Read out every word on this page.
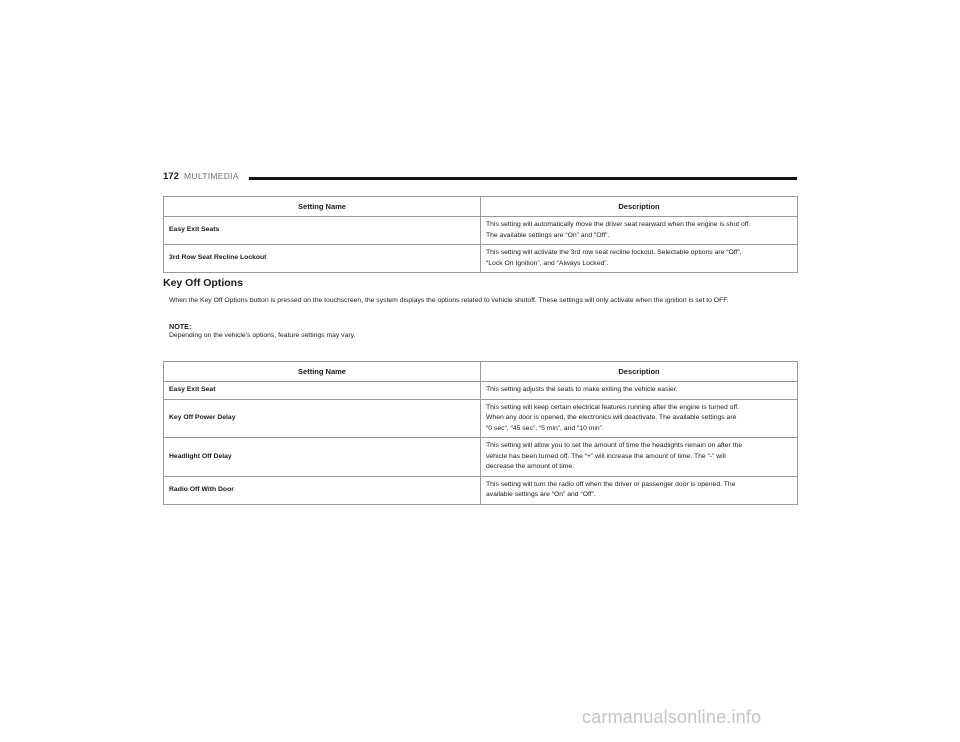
172 MULTIMEDIA
Setting Name	Description
Easy Exit Seats	This setting will automatically move the driver seat rearward when the engine is shut off.
The available settings are “On” and “Off”.
3rd Row Seat Recline Lockout	This setting will activate the 3rd row seat recline lockout. Selectable options are “Off”,
“Lock On Ignition”, and “Always Locked”.
Key Off Options
When the Key Off Options button is pressed on the touchscreen, the system displays the options related to vehicle shutoff. These settings will only activate when the ignition is set to OFF.
NOTE:
Depending on the vehicle’s options, feature settings may vary.
Setting Name	Description
Easy Exit Seat	This setting adjusts the seats to make exiting the vehicle easier.
Key Off Power Delay	This setting will keep certain electrical features running after the engine is turned off.
When any door is opened, the electronics will deactivate. The available settings are
“0 sec”, “45 sec”, “5 min”, and “10 min”.
Headlight Off Delay	This setting will allow you to set the amount of time the headlights remain on after the
vehicle has been turned off. The “+” will increase the amount of time. The “-” will
decrease the amount of time.
Radio Off With Door	This setting will turn the radio off when the driver or passenger door is opened. The
available settings are “On” and “Off”.
carmanualsonline.info
